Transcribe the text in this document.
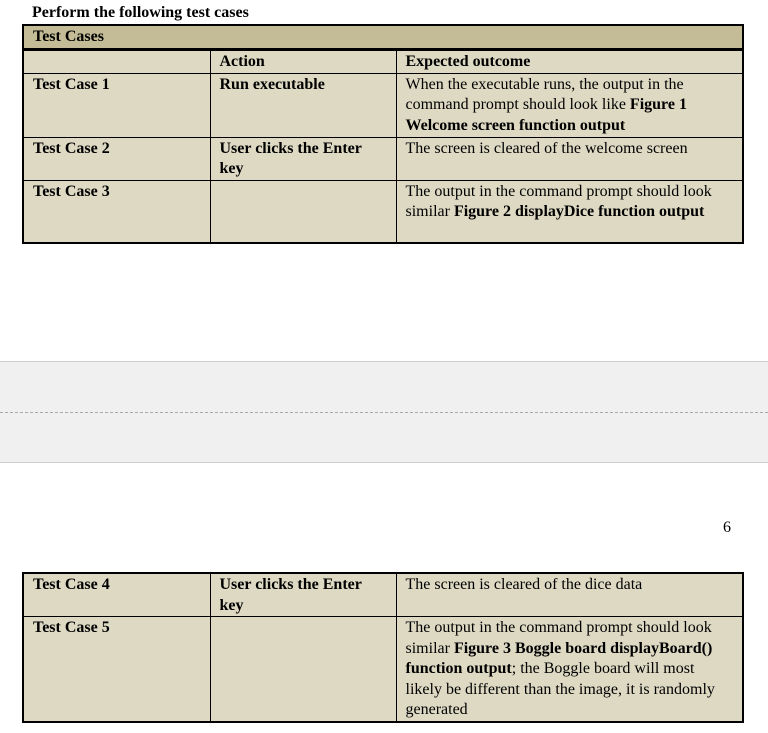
Perform the following test cases
Test Cases		
	Action	Expected outcome
Test Case 1	Run executable	When the executable runs, the output in the command prompt should look like Figure 1 Welcome screen function output
Test Case 2	User clicks the Enter key	The screen is cleared of the welcome screen
Test Case 3		The output in the command prompt should look similar Figure 2 displayDice function output
6
Test Case 4	User clicks the Enter key	The screen is cleared of the dice data
Test Case 5		The output in the command prompt should look similar Figure 3 Boggle board displayBoard() function output; the Boggle board will most likely be different than the image, it is randomly generated
